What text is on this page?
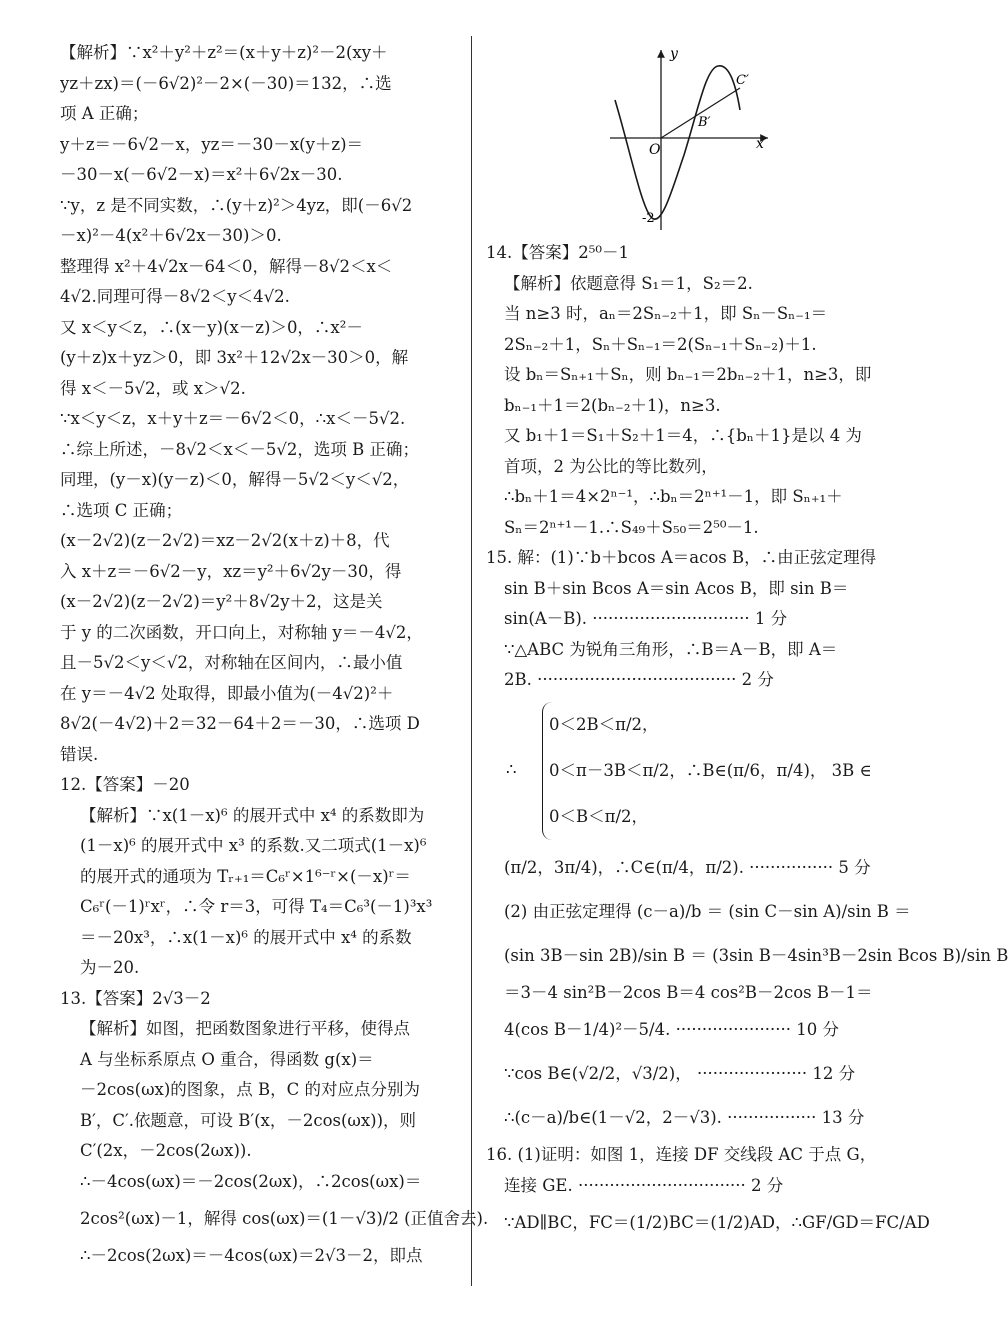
【解析】∵x²＋y²＋z²＝(x＋y＋z)²－2(xy＋
yz＋zx)＝(－6√2)²－2×(－30)＝132，∴选
项 A 正确；
y＋z＝－6√2－x，yz＝－30－x(y＋z)＝
－30－x(－6√2－x)＝x²＋6√2x－30.
∵y，z 是不同实数，∴(y＋z)²＞4yz，即(－6√2
－x)²－4(x²＋6√2x－30)＞0.
整理得 x²＋4√2x－64＜0，解得－8√2＜x＜
4√2.同理可得－8√2＜y＜4√2.
又 x＜y＜z，∴(x－y)(x－z)＞0，∴x²－
(y＋z)x＋yz＞0，即 3x²＋12√2x－30＞0，解
得 x＜－5√2，或 x＞√2.
∵x＜y＜z，x＋y＋z＝－6√2＜0，∴x＜－5√2.
∴综上所述，－8√2＜x＜－5√2，选项 B 正确；
同理，(y－x)(y－z)＜0，解得－5√2＜y＜√2，
∴选项 C 正确；
(x－2√2)(z－2√2)＝xz－2√2(x＋z)＋8，代
入 x＋z＝－6√2－y，xz＝y²＋6√2y－30，得
(x－2√2)(z－2√2)＝y²＋8√2y＋2，这是关
于 y 的二次函数，开口向上，对称轴 y＝－4√2，
且－5√2＜y＜√2，对称轴在区间内，∴最小值
在 y＝－4√2 处取得，即最小值为(－4√2)²＋
8√2(－4√2)＋2＝32－64＋2＝－30，∴选项 D
错误.
12.【答案】－20
【解析】∵x(1－x)⁶ 的展开式中 x⁴ 的系数即为
(1－x)⁶ 的展开式中 x³ 的系数.又二项式(1－x)⁶
的展开式的通项为 Tᵣ₊₁＝C₆ʳ×1⁶⁻ʳ×(－x)ʳ＝
C₆ʳ(－1)ʳxʳ，∴令 r＝3，可得 T₄＝C₆³(－1)³x³
＝－20x³，∴x(1－x)⁶ 的展开式中 x⁴ 的系数
为－20.
13.【答案】2√3－2
【解析】如图，把函数图象进行平移，使得点
A 与坐标系原点 O 重合，得函数 g(x)＝
－2cos(ωx)的图象，点 B，C 的对应点分别为
B′，C′.依题意，可设 B′(x，－2cos(ωx))，则
C′(2x，－2cos(2ωx)).
∴－4cos(ωx)＝－2cos(2ωx)，∴2cos(ωx)＝
2cos²(ωx)－1，解得 cos(ωx)＝(1－√3)/2 (正值舍去).
∴－2cos(2ωx)＝－4cos(ωx)＝2√3－2，即点
y
x
O
-2
B′
C′
14.【答案】2⁵⁰－1
【解析】依题意得 S₁＝1，S₂＝2.
当 n≥3 时，aₙ＝2Sₙ₋₂＋1，即 Sₙ－Sₙ₋₁＝
2Sₙ₋₂＋1，Sₙ＋Sₙ₋₁＝2(Sₙ₋₁＋Sₙ₋₂)＋1.
设 bₙ＝Sₙ₊₁＋Sₙ，则 bₙ₋₁＝2bₙ₋₂＋1，n≥3，即
bₙ₋₁＋1＝2(bₙ₋₂＋1)，n≥3.
又 b₁＋1＝S₁＋S₂＋1＝4，∴{bₙ＋1}是以 4 为
首项，2 为公比的等比数列，
∴bₙ＋1＝4×2ⁿ⁻¹，∴bₙ＝2ⁿ⁺¹－1，即 Sₙ₊₁＋
Sₙ＝2ⁿ⁺¹－1.∴S₄₉＋S₅₀＝2⁵⁰－1.
15. 解：(1)∵b＋bcos A＝acos B，∴由正弦定理得
sin B＋sin Bcos A＝sin Acos B，即 sin B＝
sin(A－B). ······························ 1 分
∵△ABC 为锐角三角形，∴B＝A－B，即 A＝
2B. ······································ 2 分
∴
0＜2B＜π/2，
0＜π－3B＜π/2，∴B∈(π/6，π/4)， 3B ∈
0＜B＜π/2，
(π/2，3π/4)，∴C∈(π/4，π/2). ················ 5 分
(2) 由正弦定理得 (c－a)/b ＝ (sin C－sin A)/sin B ＝
(sin 3B－sin 2B)/sin B ＝ (3sin B－4sin³B－2sin Bcos B)/sin B
＝3－4 sin²B－2cos B＝4 cos²B－2cos B－1＝
4(cos B－1/4)²－5/4. ······················ 10 分
∵cos B∈(√2/2，√3/2)， ····················· 12 分
∴(c－a)/b∈(1－√2，2－√3). ················· 13 分
16. (1)证明：如图 1，连接 DF 交线段 AC 于点 G，
连接 GE. ································ 2 分
∵AD∥BC，FC＝(1/2)BC＝(1/2)AD，∴GF/GD＝FC/AD
